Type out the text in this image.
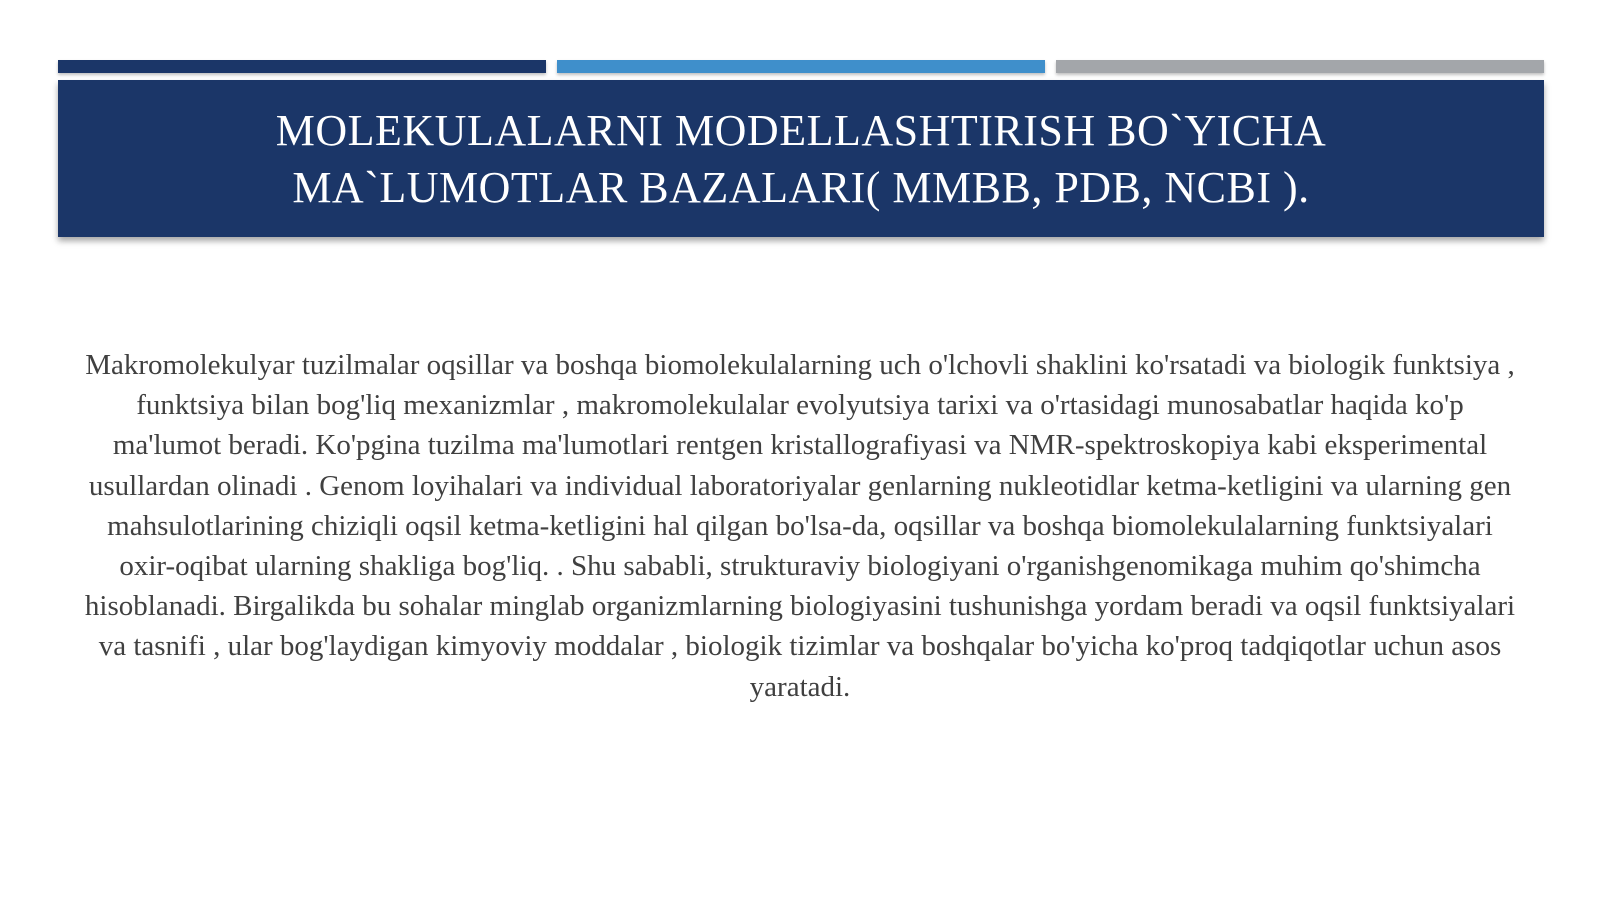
MOLEKULALARNI MODELLASHTIRISH BO`YICHA
MA`LUMOTLAR BAZALARI( MMBB, PDB, NCBI ).

Makromolekulyar tuzilmalar oqsillar va boshqa biomolekulalarning uch o'lchovli shaklini ko'rsatadi va biologik funktsiya , funktsiya bilan bog'liq mexanizmlar , makromolekulalar evolyutsiya tarixi va o'rtasidagi munosabatlar haqida ko'p ma'lumot beradi. Ko'pgina tuzilma ma'lumotlari rentgen kristallografiyasi va NMR-spektroskopiya kabi eksperimental usullardan olinadi . Genom loyihalari va individual laboratoriyalar genlarning nukleotidlar ketma-ketligini va ularning gen mahsulotlarining chiziqli oqsil ketma-ketligini hal qilgan bo'lsa-da, oqsillar va boshqa biomolekulalarning funktsiyalari oxir-oqibat ularning shakliga bog'liq. . Shu sababli, strukturaviy biologiyani o'rganishgenomikaga muhim qo'shimcha hisoblanadi. Birgalikda bu sohalar minglab organizmlarning biologiyasini tushunishga yordam beradi va oqsil funktsiyalari va tasnifi , ular bog'laydigan kimyoviy moddalar , biologik tizimlar va boshqalar bo'yicha ko'proq tadqiqotlar uchun asos yaratadi.
